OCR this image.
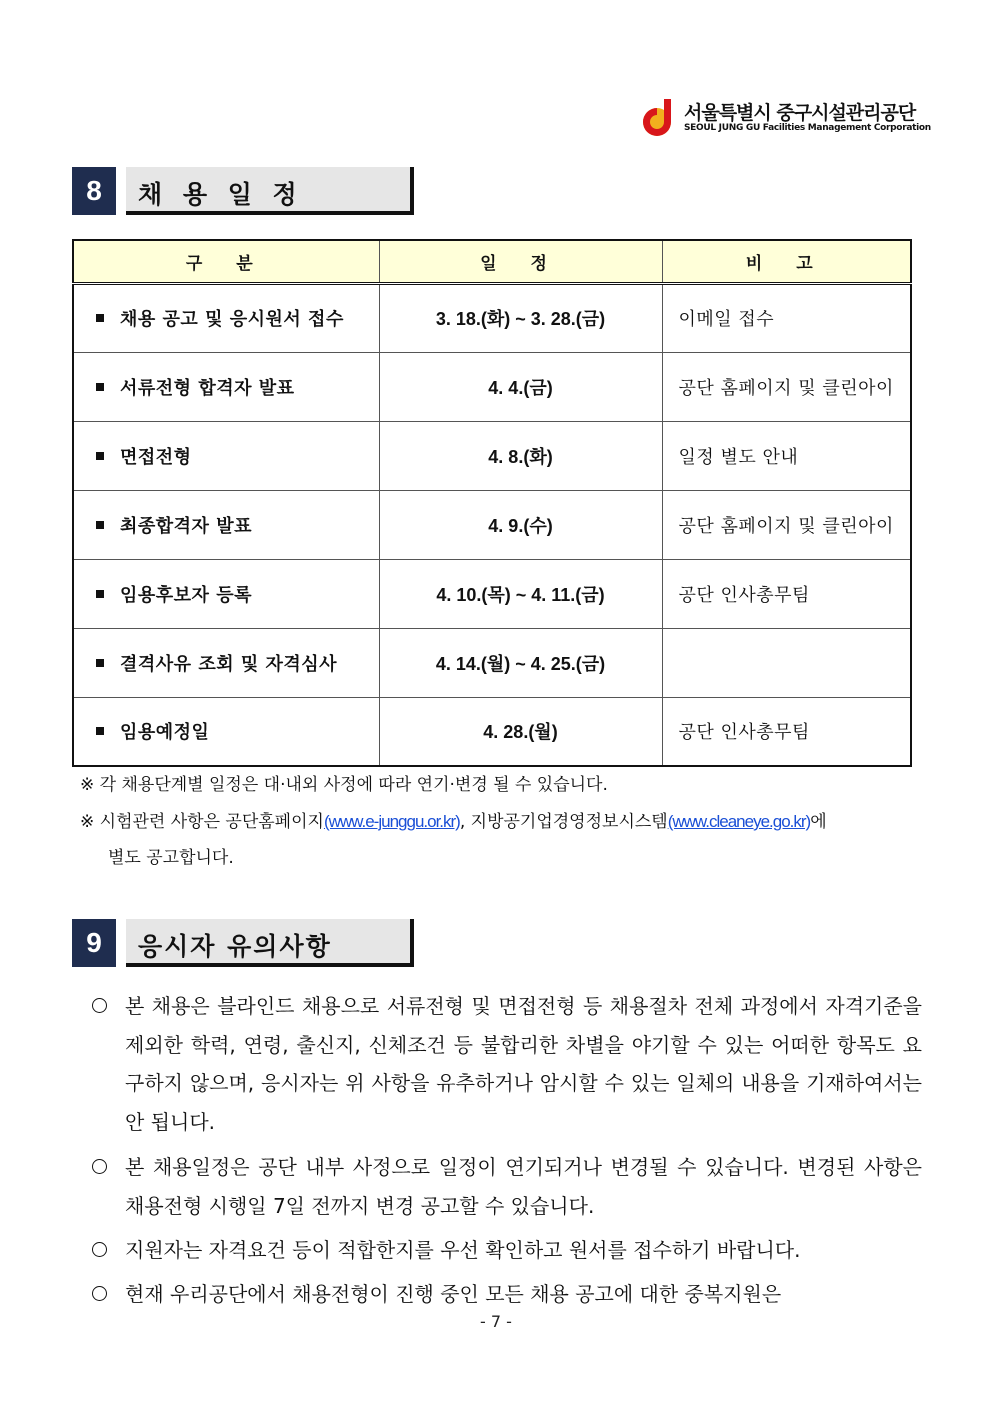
서울특별시 중구시설관리공단
SEOUL JUNG GU Facilities Management Corporation
8	채 용 일 정
구 분	일 정	비 고
채용 공고 및 응시원서 접수	3. 18.(화) ~ 3. 28.(금)	이메일 접수
서류전형 합격자 발표	4. 4.(금)	공단 홈페이지 및 클린아이
면접전형	4. 8.(화)	일정 별도 안내
최종합격자 발표	4. 9.(수)	공단 홈페이지 및 클린아이
임용후보자 등록	4. 10.(목) ~ 4. 11.(금)	공단 인사총무팀
결격사유 조회 및 자격심사	4. 14.(월) ~ 4. 25.(금)	
임용예정일	4. 28.(월)	공단 인사총무팀
※ 각 채용단계별 일정은 대·내외 사정에 따라 연기·변경 될 수 있습니다.
※ 시험관련 사항은 공단홈페이지(www.e-junggu.or.kr), 지방공기업경영정보시스템(www.cleaneye.go.kr)에
별도 공고합니다.
9	응시자 유의사항
본 채용은 블라인드 채용으로 서류전형 및 면접전형 등 채용절차 전체 과정에서 자격기준을 제외한 학력, 연령, 출신지, 신체조건 등 불합리한 차별을 야기할 수 있는 어떠한 항목도 요구하지 않으며, 응시자는 위 사항을 유추하거나 암시할 수 있는 일체의 내용을 기재하여서는 안 됩니다.
본 채용일정은 공단 내부 사정으로 일정이 연기되거나 변경될 수 있습니다. 변경된 사항은 채용전형 시행일 7일 전까지 변경 공고할 수 있습니다.
지원자는 자격요건 등이 적합한지를 우선 확인하고 원서를 접수하기 바랍니다.
현재 우리공단에서 채용전형이 진행 중인 모든 채용 공고에 대한 중복지원은
- 7 -
